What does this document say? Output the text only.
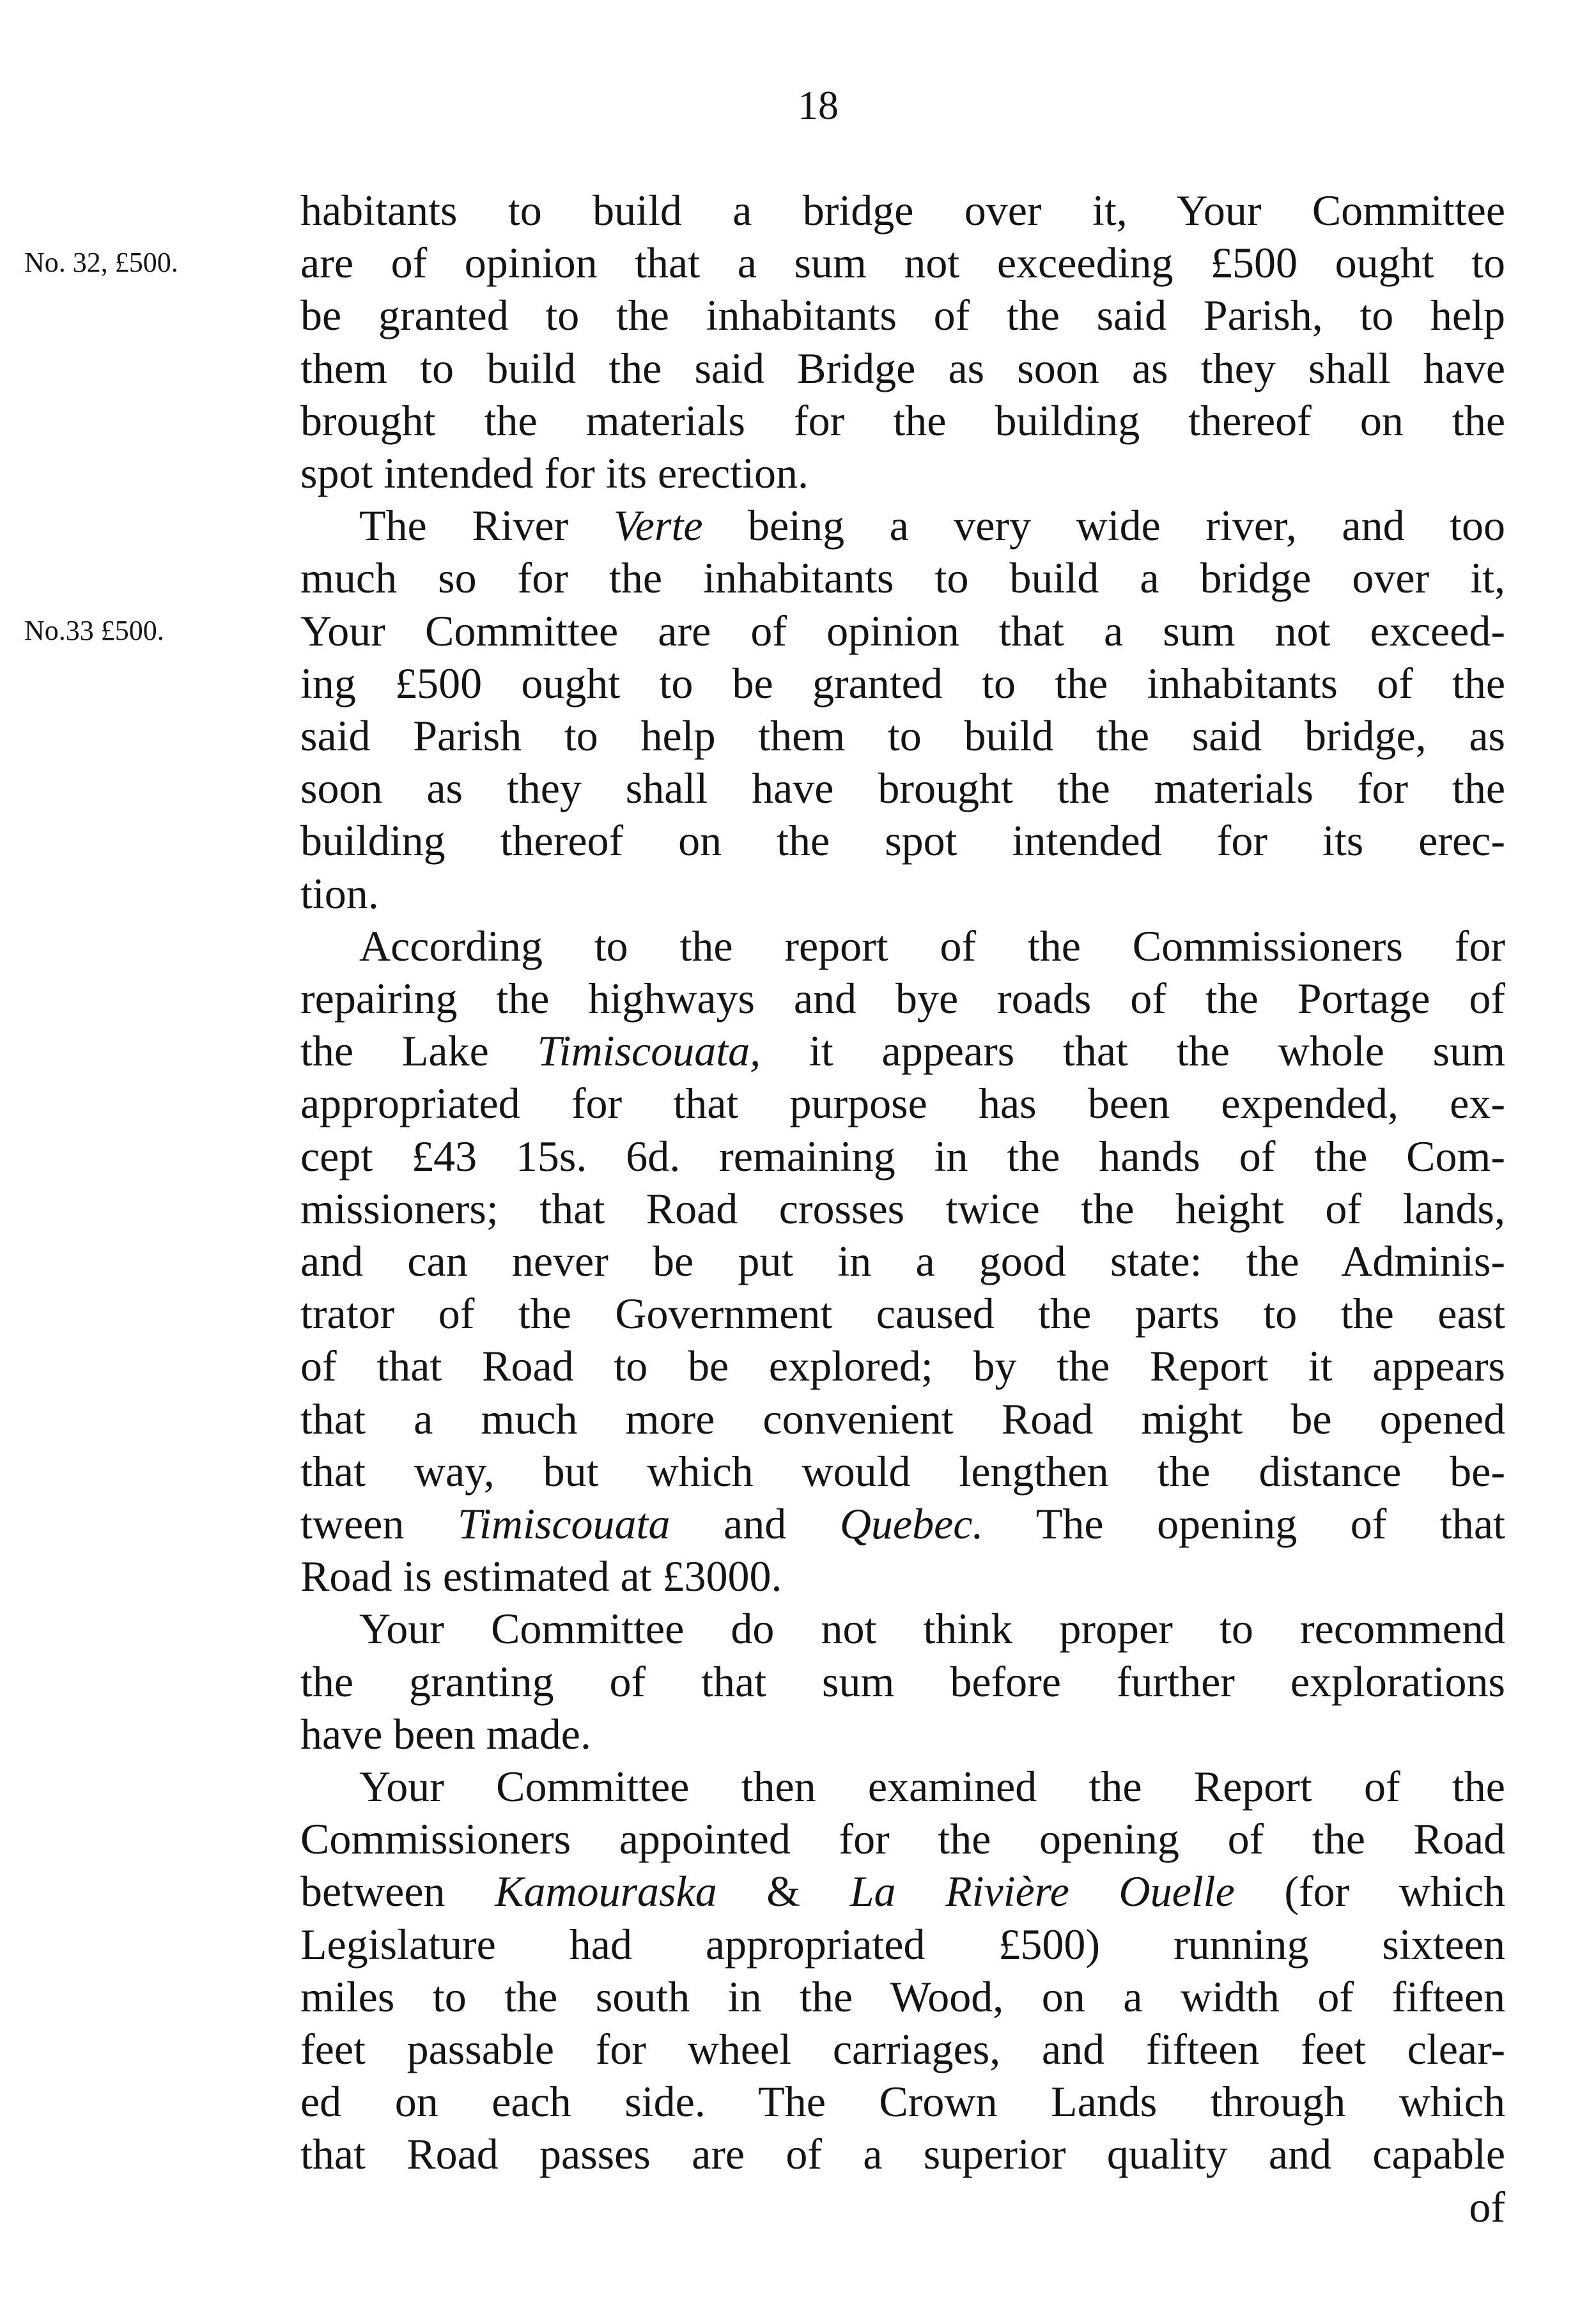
18
No. 32, £500.
No.33 £500.
habitants to build a bridge over it, Your Committee
are of opinion that a sum not exceeding £500 ought to
be granted to the inhabitants of the said Parish, to help
them to build the said Bridge as soon as they shall have
brought the materials for the building thereof on the
spot intended for its erection.
The River Verte being a very wide river, and too
much so for the inhabitants to build a bridge over it,
Your Committee are of opinion that a sum not exceed-
ing £500 ought to be granted to the inhabitants of the
said Parish to help them to build the said bridge, as
soon as they shall have brought the materials for the
building thereof on the spot intended for its erec-
tion.
According to the report of the Commissioners for
repairing the highways and bye roads of the Portage of
the Lake Timiscouata, it appears that the whole sum
appropriated for that purpose has been expended, ex-
cept £43 15s. 6d. remaining in the hands of the Com-
missioners; that Road crosses twice the height of lands,
and can never be put in a good state: the Adminis-
trator of the Government caused the parts to the east
of that Road to be explored; by the Report it appears
that a much more convenient Road might be opened
that way, but which would lengthen the distance be-
tween Timiscouata and Quebec. The opening of that
Road is estimated at £3000.
Your Committee do not think proper to recommend
the granting of that sum before further explorations
have been made.
Your Committee then examined the Report of the
Commissioners appointed for the opening of the Road
between Kamouraska & La Rivière Ouelle (for which
Legislature had appropriated £500) running sixteen
miles to the south in the Wood, on a width of fifteen
feet passable for wheel carriages, and fifteen feet clear-
ed on each side. The Crown Lands through which
that Road passes are of a superior quality and capable
of
